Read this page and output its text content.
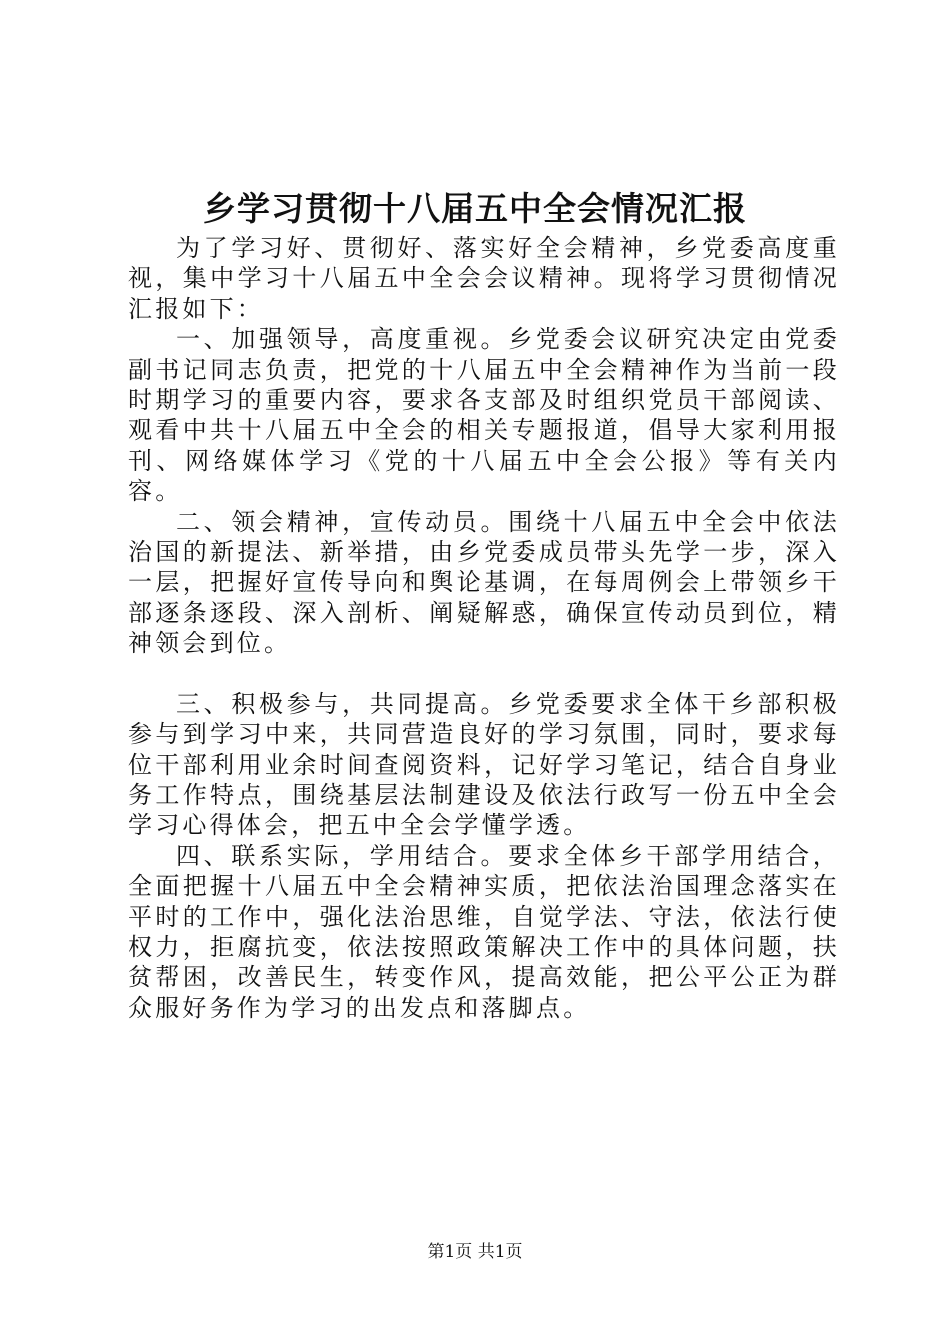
乡学习贯彻十八届五中全会情况汇报

为了学习好、贯彻好、落实好全会精神，乡党委高度重视，集中学习十八届五中全会会议精神。现将学习贯彻情况汇报如下：

一、加强领导，高度重视。乡党委会议研究决定由党委副书记同志负责，把党的十八届五中全会精神作为当前一段时期学习的重要内容，要求各支部及时组织党员干部阅读、观看中共十八届五中全会的相关专题报道，倡导大家利用报刊、网络媒体学习《党的十八届五中全会公报》等有关内容。

二、领会精神，宣传动员。围绕十八届五中全会中依法治国的新提法、新举措，由乡党委成员带头先学一步，深入一层，把握好宣传导向和舆论基调，在每周例会上带领乡干部逐条逐段、深入剖析、阐疑解惑，确保宣传动员到位，精神领会到位。

三、积极参与，共同提高。乡党委要求全体干乡部积极参与到学习中来，共同营造良好的学习氛围，同时，要求每位干部利用业余时间查阅资料，记好学习笔记，结合自身业务工作特点，围绕基层法制建设及依法行政写一份五中全会学习心得体会，把五中全会学懂学透。

四、联系实际，学用结合。要求全体乡干部学用结合，全面把握十八届五中全会精神实质，把依法治国理念落实在平时的工作中，强化法治思维，自觉学法、守法，依法行使权力，拒腐抗变，依法按照政策解决工作中的具体问题，扶贫帮困，改善民生，转变作风，提高效能，把公平公正为群众服好务作为学习的出发点和落脚点。

第1页 共1页
